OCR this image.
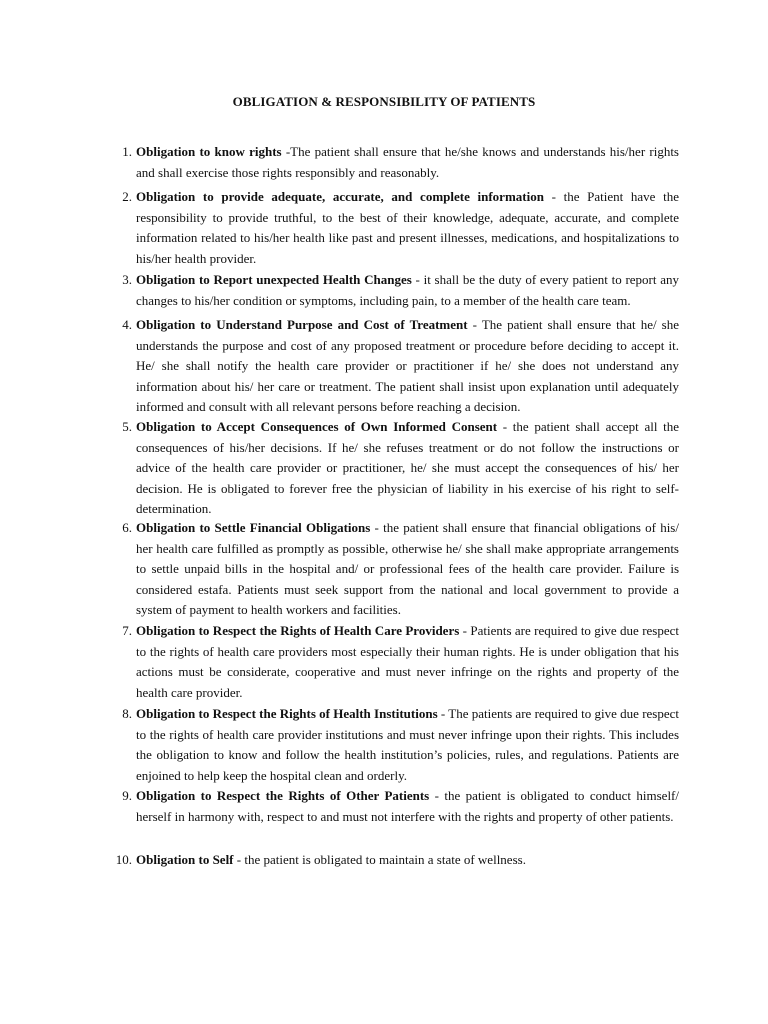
OBLIGATION & RESPONSIBILITY OF PATIENTS
1. Obligation to know rights -The patient shall ensure that he/she knows and understands his/her rights and shall exercise those rights responsibly and reasonably.
2. Obligation to provide adequate, accurate, and complete information - the Patient have the responsibility to provide truthful, to the best of their knowledge, adequate, accurate, and complete information related to his/her health like past and present illnesses, medications, and hospitalizations to his/her health provider.
3. Obligation to Report unexpected Health Changes - it shall be the duty of every patient to report any changes to his/her condition or symptoms, including pain, to a member of the health care team.
4. Obligation to Understand Purpose and Cost of Treatment - The patient shall ensure that he/ she understands the purpose and cost of any proposed treatment or procedure before deciding to accept it. He/ she shall notify the health care provider or practitioner if he/ she does not understand any information about his/ her care or treatment. The patient shall insist upon explanation until adequately informed and consult with all relevant persons before reaching a decision.
5. Obligation to Accept Consequences of Own Informed Consent - the patient shall accept all the consequences of his/her decisions. If he/ she refuses treatment or do not follow the instructions or advice of the health care provider or practitioner, he/ she must accept the consequences of his/ her decision. He is obligated to forever free the physician of liability in his exercise of his right to self-determination.
6. Obligation to Settle Financial Obligations - the patient shall ensure that financial obligations of his/ her health care fulfilled as promptly as possible, otherwise he/ she shall make appropriate arrangements to settle unpaid bills in the hospital and/ or professional fees of the health care provider. Failure is considered estafa. Patients must seek support from the national and local government to provide a system of payment to health workers and facilities.
7. Obligation to Respect the Rights of Health Care Providers - Patients are required to give due respect to the rights of health care providers most especially their human rights. He is under obligation that his actions must be considerate, cooperative and must never infringe on the rights and property of the health care provider.
8. Obligation to Respect the Rights of Health Institutions - The patients are required to give due respect to the rights of health care provider institutions and must never infringe upon their rights. This includes the obligation to know and follow the health institution’s policies, rules, and regulations. Patients are enjoined to help keep the hospital clean and orderly.
9. Obligation to Respect the Rights of Other Patients - the patient is obligated to conduct himself/ herself in harmony with, respect to and must not interfere with the rights and property of other patients.
10. Obligation to Self - the patient is obligated to maintain a state of wellness.
